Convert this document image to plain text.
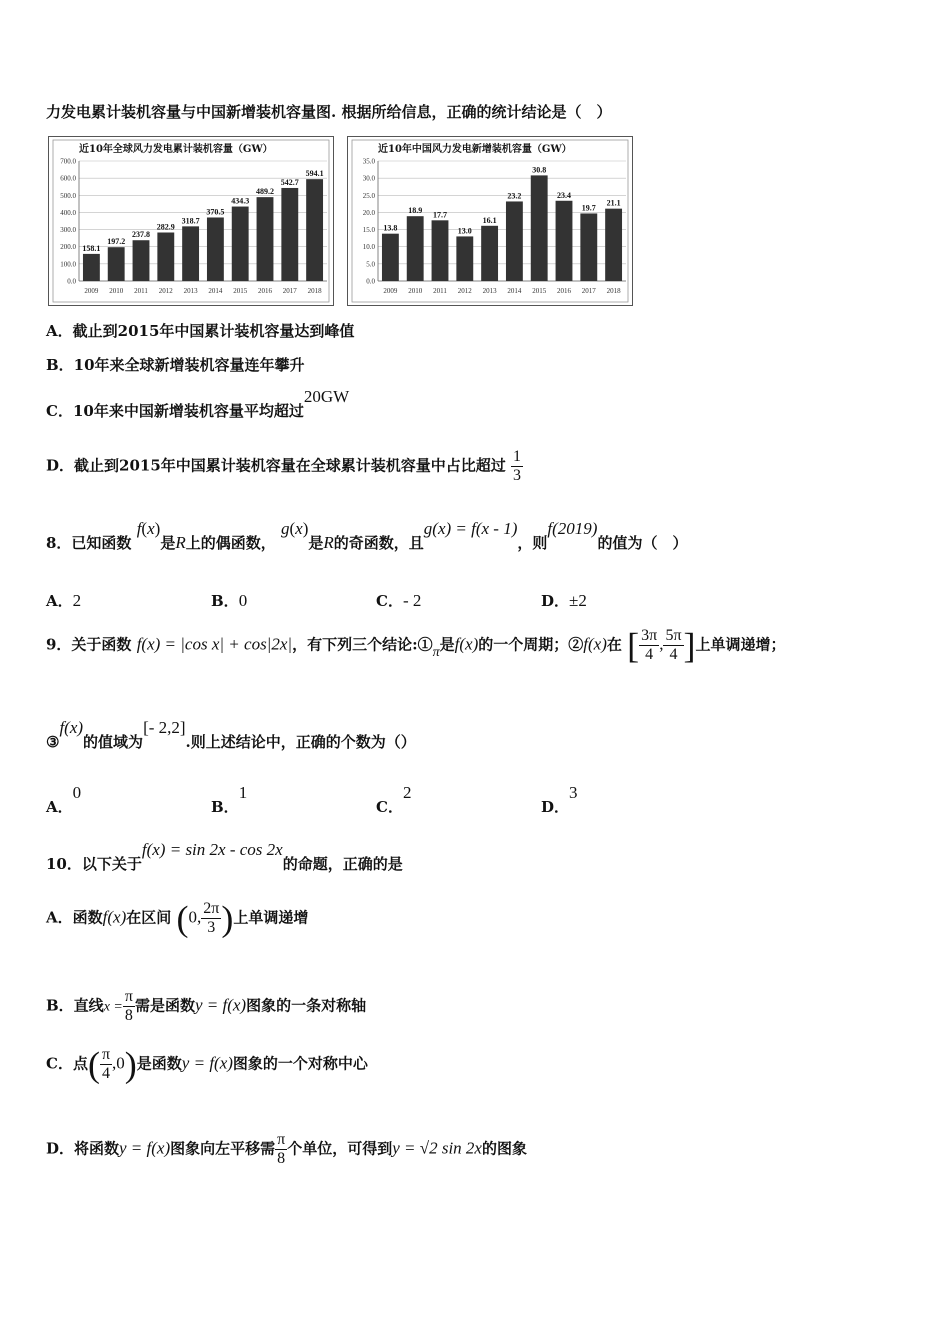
力发电累计装机容量与中国新增装机容量图. 根据所给信息，正确的统计结论是（　）
近10年全球风力发电累计装机容量（GW）
0.0
100.0
200.0
300.0
400.0
500.0
600.0
700.0
158.1
2009
197.2
2010
237.8
2011
282.9
2012
318.7
2013
370.5
2014
434.3
2015
489.2
2016
542.7
2017
594.1
2018
近10年中国风力发电新增装机容量（GW）
0.0
5.0
10.0
15.0
20.0
25.0
30.0
35.0
13.8
2009
18.9
2010
17.7
2011
13.0
2012
16.1
2013
23.2
2014
30.8
2015
23.4
2016
19.7
2017
21.1
2018
A．截止到2015年中国累计装机容量达到峰值
B．10年来全球新增装机容量连年攀升
C．10年来中国新增装机容量平均超过20GW
D．截止到2015年中国累计装机容量在全球累计装机容量中占比超过 $\frac{1}{3}$
8．已知函数 f(x)是R上的偶函数， g(x)是R的奇函数，且g(x) = f(x - 1)，则f(2019)的值为（　）
A．2	B．0	C．- 2	D．±2
9．关于函数 f(x) = |cos x| + cos|2x|，有下列三个结论:①π是f(x)的一个周期；②f(x)在 [ $\frac{3\pi}{4}$ , $\frac{5\pi}{4}$ ]上单调递增；
③f(x)的值域为[- 2,2].则上述结论中，正确的个数为（）
A．0
B．1
C．2
D．3
10．以下关于f(x) = sin 2x - cos 2x的命题，正确的是
A．函数f(x)在区间 (0, $\frac{2\pi}{3}$ )上单调递增
B．直线$x = \frac{\pi}{8}$ 需是函数y = f(x)图象的一条对称轴
C．点( $\frac{\pi}{4} ,0$)是函数y = f(x)图象的一个对称中心
D．将函数y = f(x)图象向左平移需 $\frac{\pi}{8}$ 个单位，可得到y = √2 sin 2x的图象
